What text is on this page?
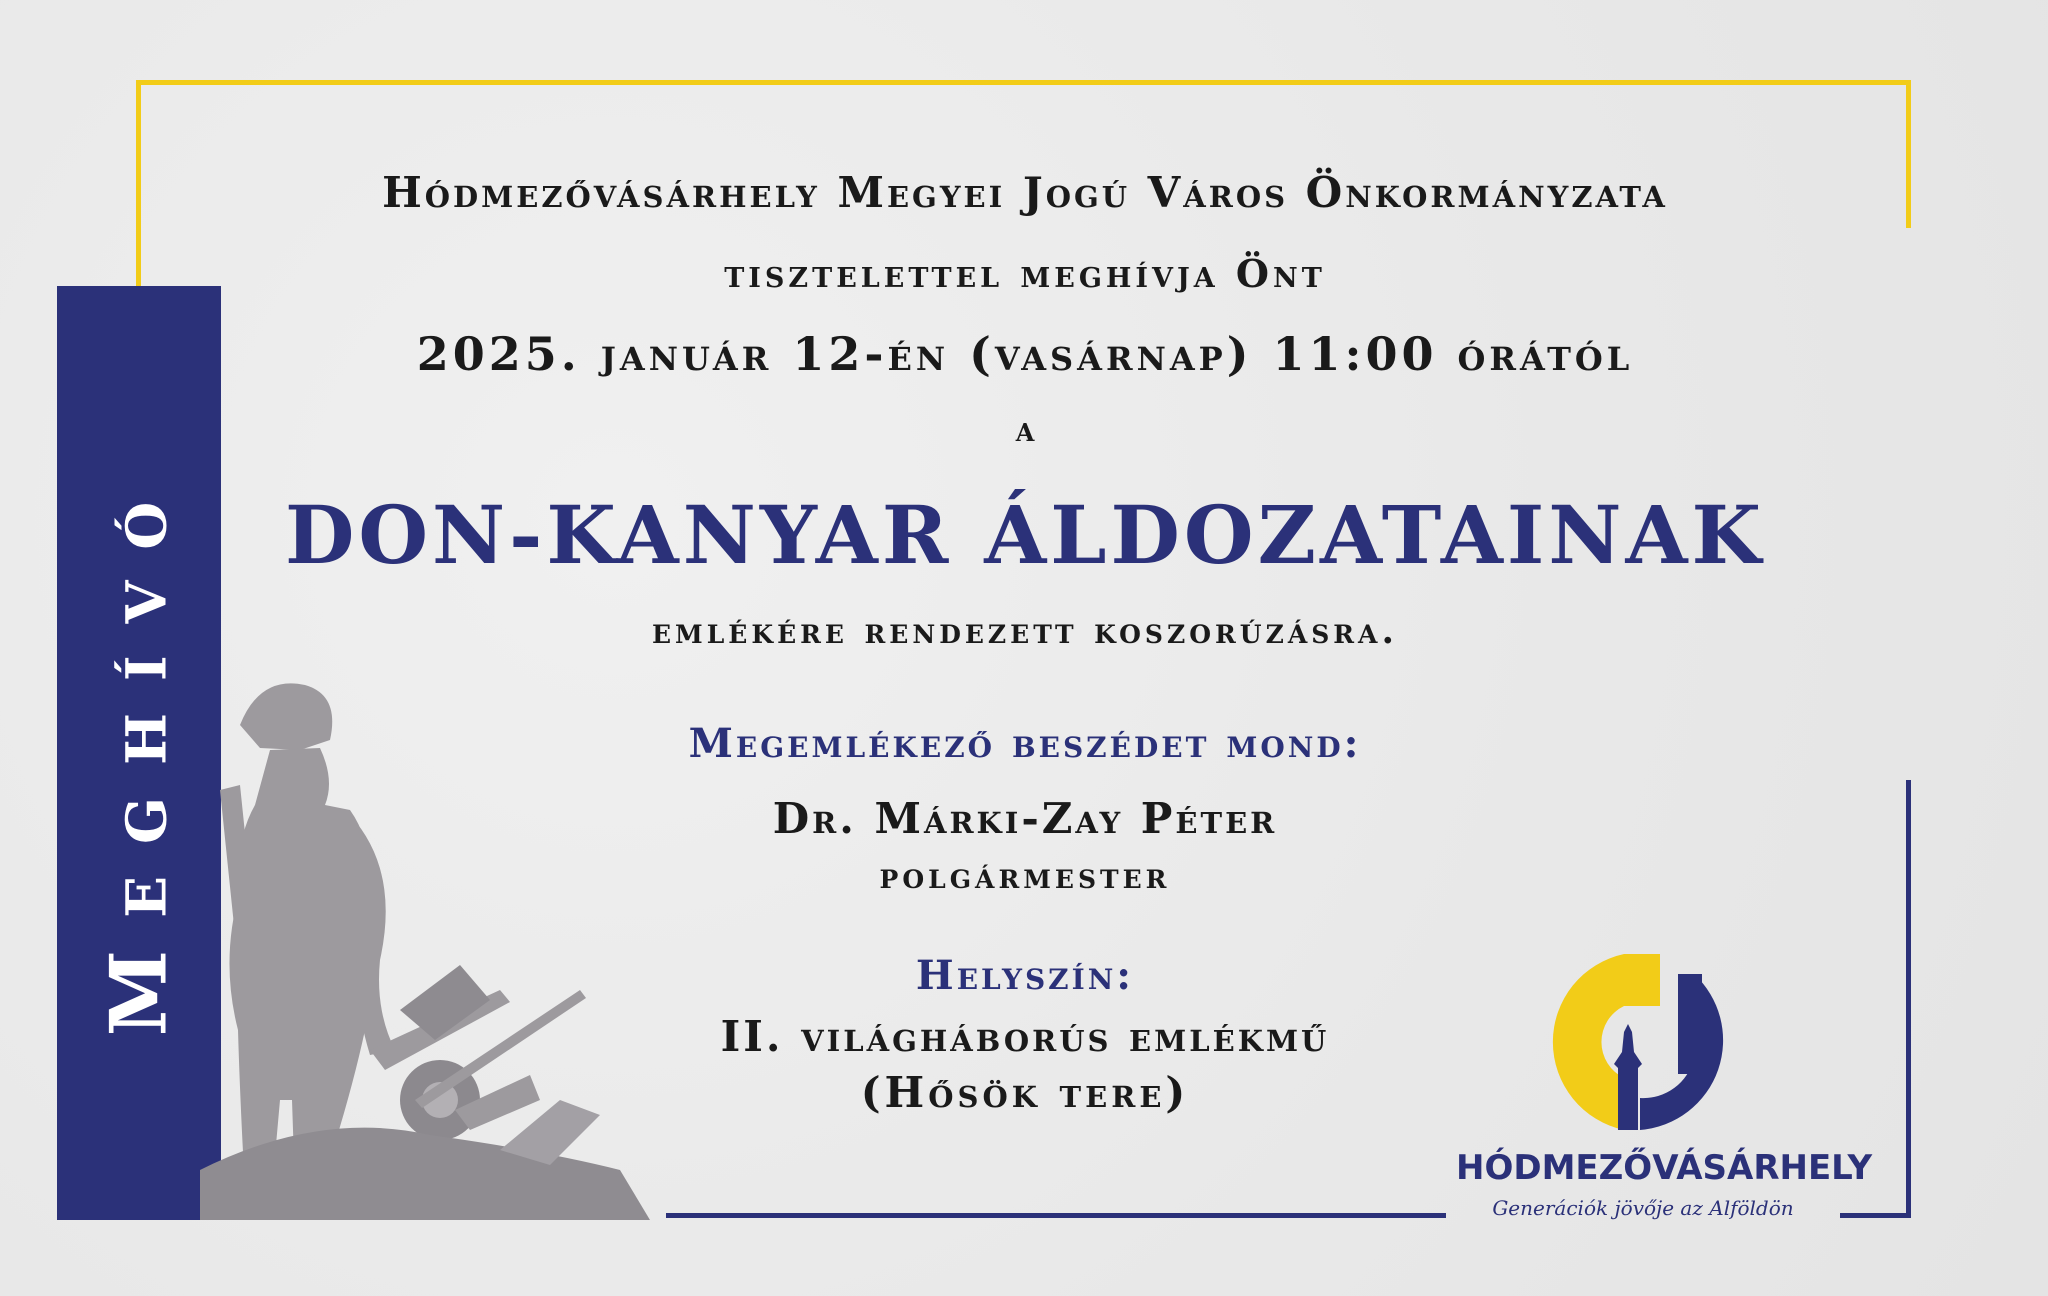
Meghívó
Hódmezővásárhely Megyei Jogú Város Önkormányzata
tisztelettel meghívja Önt
2025. január 12-én (vasárnap) 11:00 órától
a
DON-KANYAR ÁLDOZATAINAK
emlékére rendezett koszorúzásra.
Megemlékező beszédet mond:
Dr. Márki-Zay Péter
polgármester
Helyszín:
II. világháborús emlékmű
(Hősök tere)
HÓDMEZŐVÁSÁRHELY
Generációk jövője az Alföldön
